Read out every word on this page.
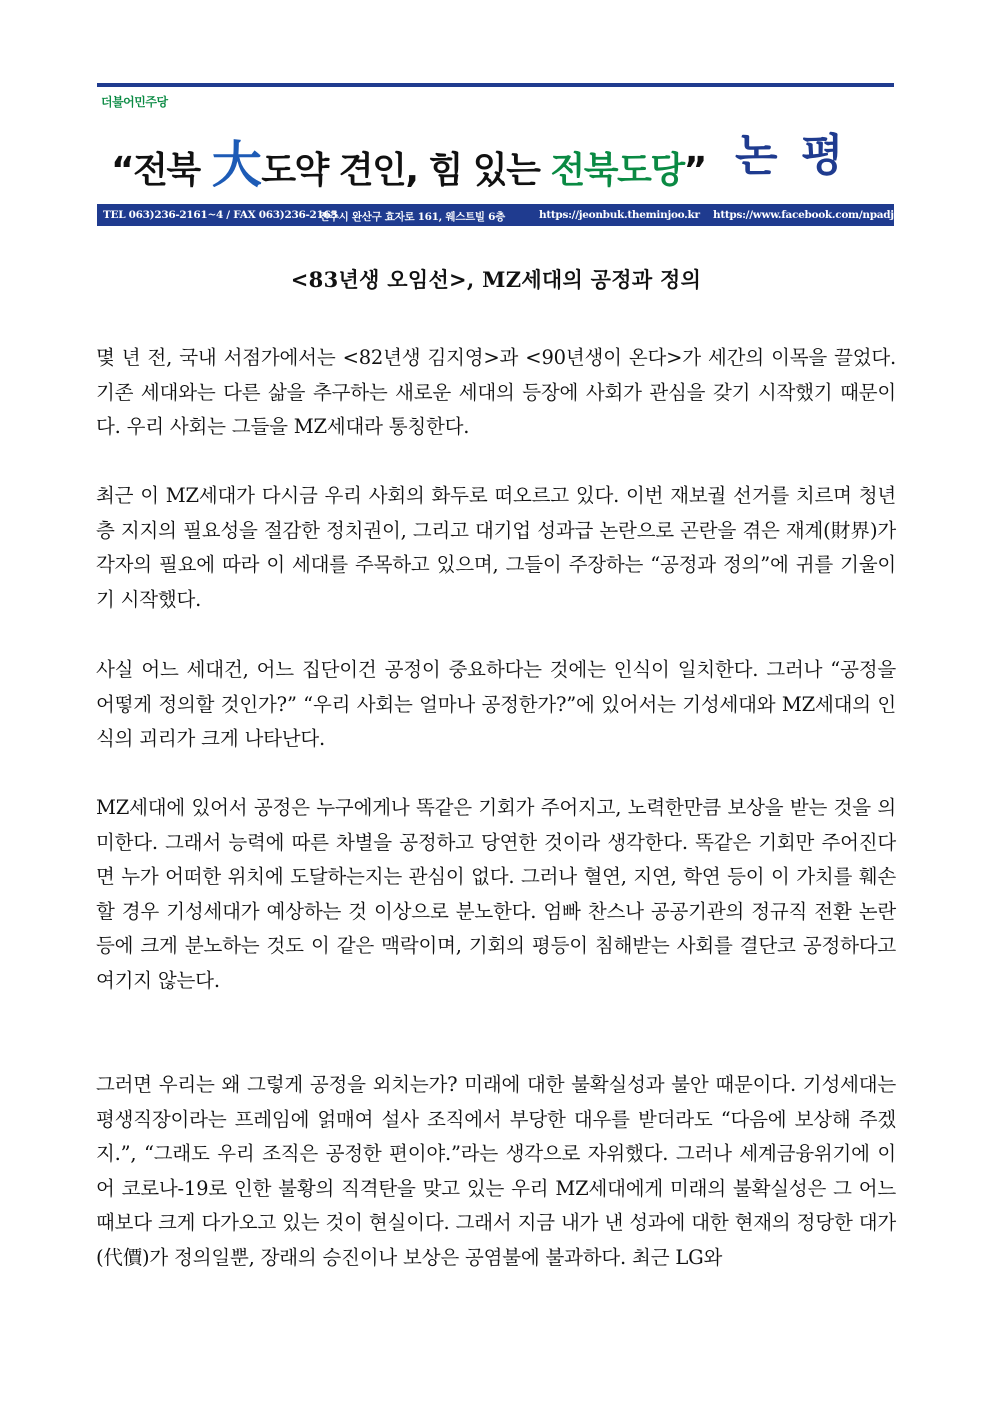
더불어민주당
“전북 大도약 견인, 힘 있는 전북도당” 논 평
TEL 063)236-2161~4 / FAX 063)236-2165
전주시 완산구 효자로 161, 웨스트빌 6층	https://jeonbuk.theminjoo.kr https://www.facebook.com/npadjb
<83년생 오임선>, MZ세대의 공정과 정의

몇 년 전, 국내 서점가에서는 <82년생 김지영>과 <90년생이 온다>가 세간의 이목을 끌었다. 기존 세대와는 다른 삶을 추구하는 새로운 세대의 등장에 사회가 관심을 갖기 시작했기 때문이다. 우리 사회는 그들을 MZ세대라 통칭한다.

최근 이 MZ세대가 다시금 우리 사회의 화두로 떠오르고 있다. 이번 재보궐 선거를 치르며 청년층 지지의 필요성을 절감한 정치권이, 그리고 대기업 성과급 논란으로 곤란을 겪은 재계(財界)가 각자의 필요에 따라 이 세대를 주목하고 있으며, 그들이 주장하는 “공정과 정의”에 귀를 기울이기 시작했다.

사실 어느 세대건, 어느 집단이건 공정이 중요하다는 것에는 인식이 일치한다. 그러나 “공정을 어떻게 정의할 것인가?” “우리 사회는 얼마나 공정한가?”에 있어서는 기성세대와 MZ세대의 인식의 괴리가 크게 나타난다.

MZ세대에 있어서 공정은 누구에게나 똑같은 기회가 주어지고, 노력한만큼 보상을 받는 것을 의미한다. 그래서 능력에 따른 차별을 공정하고 당연한 것이라 생각한다. 똑같은 기회만 주어진다면 누가 어떠한 위치에 도달하는지는 관심이 없다. 그러나 혈연, 지연, 학연 등이 이 가치를 훼손할 경우 기성세대가 예상하는 것 이상으로 분노한다. 엄빠 찬스나 공공기관의 정규직 전환 논란 등에 크게 분노하는 것도 이 같은 맥락이며, 기회의 평등이 침해받는 사회를 결단코 공정하다고 여기지 않는다.

그러면 우리는 왜 그렇게 공정을 외치는가? 미래에 대한 불확실성과 불안 때문이다. 기성세대는 평생직장이라는 프레임에 얽매여 설사 조직에서 부당한 대우를 받더라도 “다음에 보상해 주겠지.”, “그래도 우리 조직은 공정한 편이야.”라는 생각으로 자위했다. 그러나 세계금융위기에 이어 코로나-19로 인한 불황의 직격탄을 맞고 있는 우리 MZ세대에게 미래의 불확실성은 그 어느 때보다 크게 다가오고 있는 것이 현실이다. 그래서 지금 내가 낸 성과에 대한 현재의 정당한 대가(代價)가 정의일뿐, 장래의 승진이나 보상은 공염불에 불과하다. 최근 LG와
